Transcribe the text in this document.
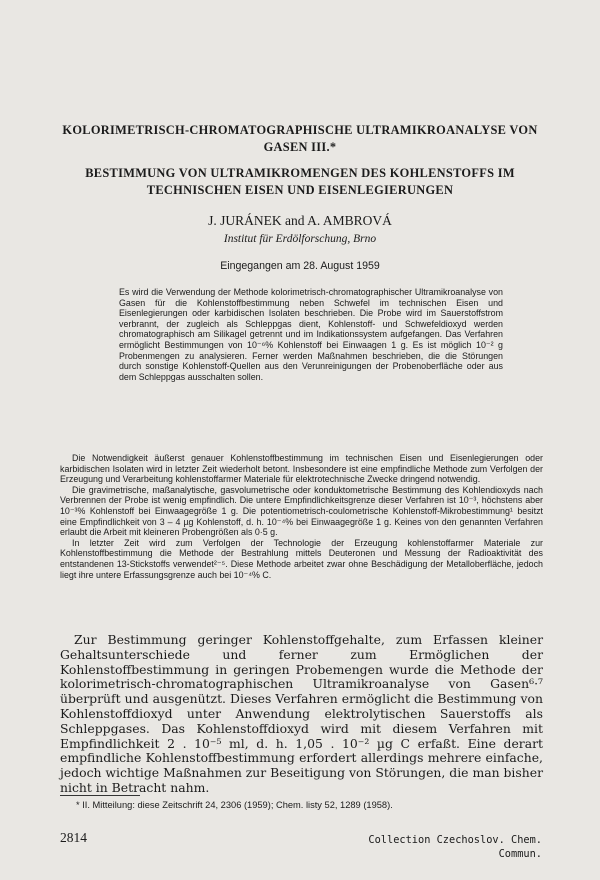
KOLORIMETRISCH-CHROMATOGRAPHISCHE ULTRAMIKROANALYSE VON GASEN III.*
BESTIMMUNG VON ULTRAMIKROMENGEN DES KOHLENSTOFFS IM TECHNISCHEN EISEN UND EISENLEGIERUNGEN
J. JURÁNEK and A. AMBROVÁ
Institut für Erdölforschung, Brno
Eingegangen am 28. August 1959
Es wird die Verwendung der Methode kolorimetrisch-chromatographischer Ultramikroanalyse von Gasen für die Kohlenstoffbestimmung neben Schwefel im technischen Eisen und Eisenlegierungen oder karbidischen Isolaten beschrieben. Die Probe wird im Sauerstoffstrom verbrannt, der zugleich als Schleppgas dient, Kohlenstoff- und Schwefeldioxyd werden chromatographisch am Silikagel getrennt und im Indikationssystem aufgefangen. Das Verfahren ermöglicht Bestimmungen von 10⁻⁶% Kohlenstoff bei Einwaagen 1 g. Es ist möglich 10⁻² g Probenmengen zu analysieren. Ferner werden Maßnahmen beschrieben, die die Störungen durch sonstige Kohlenstoff-Quellen aus den Verunreinigungen der Probenoberfläche oder aus dem Schleppgas ausschalten sollen.

Die Notwendigkeit äußerst genauer Kohlenstoffbestimmung im technischen Eisen und Eisenlegierungen oder karbidischen Isolaten wird in letzter Zeit wiederholt betont. Insbesondere ist eine empfindliche Methode zum Verfolgen der Erzeugung und Verarbeitung kohlenstoffarmer Materiale für elektrotechnische Zwecke dringend notwendig.

Die gravimetrische, maßanalytische, gasvolumetrische oder konduktometrische Bestimmung des Kohlendioxyds nach Verbrennen der Probe ist wenig empfindlich. Die untere Empfindlichkeitsgrenze dieser Verfahren ist 10⁻³, höchstens aber 10⁻³% Kohlenstoff bei Einwaagegröße 1 g. Die potentiometrisch-coulometrische Kohlenstoff-Mikrobestimmung¹ besitzt eine Empfindlichkeit von 3 – 4 µg Kohlenstoff, d. h. 10⁻⁴% bei Einwaagegröße 1 g. Keines von den genannten Verfahren erlaubt die Arbeit mit kleineren Probengrößen als 0·5 g.

In letzter Zeit wird zum Verfolgen der Technologie der Erzeugung kohlenstoffarmer Materiale zur Kohlenstoffbestimmung die Methode der Bestrahlung mittels Deuteronen und Messung der Radioaktivität des entstandenen 13-Stickstoffs verwendet²⁻⁵. Diese Methode arbeitet zwar ohne Beschädigung der Metalloberfläche, jedoch liegt ihre untere Erfassungsgrenze auch bei 10⁻⁴% C.

Zur Bestimmung geringer Kohlenstoffgehalte, zum Erfassen kleiner Gehaltsunterschiede und ferner zum Ermöglichen der Kohlenstoffbestimmung in geringen Probemengen wurde die Methode der kolorimetrisch-chromatographischen Ultramikroanalyse von Gasen⁶·⁷ überprüft und ausgenützt. Dieses Verfahren ermöglicht die Bestimmung von Kohlenstoffdioxyd unter Anwendung elektrolytischen Sauerstoffs als Schleppgases. Das Kohlenstoffdioxyd wird mit diesem Verfahren mit Empfindlichkeit 2 . 10⁻⁵ ml, d. h. 1,05 . 10⁻² µg C erfaßt. Eine derart empfindliche Kohlenstoffbestimmung erfordert allerdings mehrere einfache, jedoch wichtige Maßnahmen zur Beseitigung von Störungen, die man bisher nicht in Betracht nahm.

* II. Mitteilung: diese Zeitschrift 24, 2306 (1959); Chem. listy 52, 1289 (1958).
2814	Collection Czechoslov. Chem. Commun.
